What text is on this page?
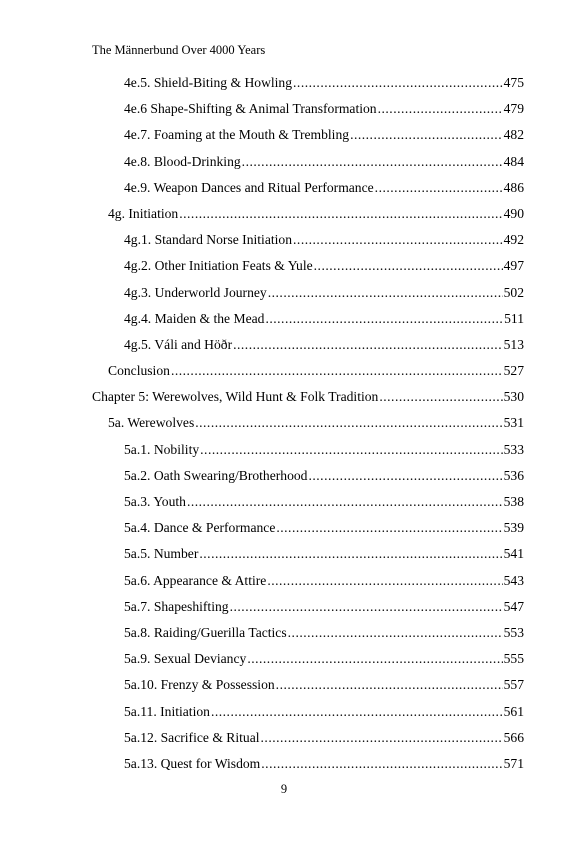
The Männerbund Over 4000 Years
4e.5. Shield-Biting & Howling .....	475
4e.6 Shape-Shifting & Animal Transformation .....	479
4e.7. Foaming at the Mouth & Trembling .....	482
4e.8. Blood-Drinking .....	484
4e.9. Weapon Dances and Ritual Performance .....	486
4g. Initiation .....	490
4g.1. Standard Norse Initiation .....	492
4g.2. Other Initiation Feats & Yule .....	497
4g.3. Underworld Journey .....	502
4g.4. Maiden & the Mead .....	511
4g.5. Váli and Höðr .....	513
Conclusion .....	527
Chapter 5: Werewolves, Wild Hunt & Folk Tradition .....	530
5a. Werewolves .....	531
5a.1. Nobility .....	533
5a.2. Oath Swearing/Brotherhood .....	536
5a.3. Youth .....	538
5a.4. Dance & Performance .....	539
5a.5. Number .....	541
5a.6. Appearance & Attire .....	543
5a.7. Shapeshifting .....	547
5a.8. Raiding/Guerilla Tactics .....	553
5a.9. Sexual Deviancy .....	555
5a.10. Frenzy & Possession .....	557
5a.11. Initiation .....	561
5a.12. Sacrifice & Ritual .....	566
5a.13. Quest for Wisdom .....	571
9
